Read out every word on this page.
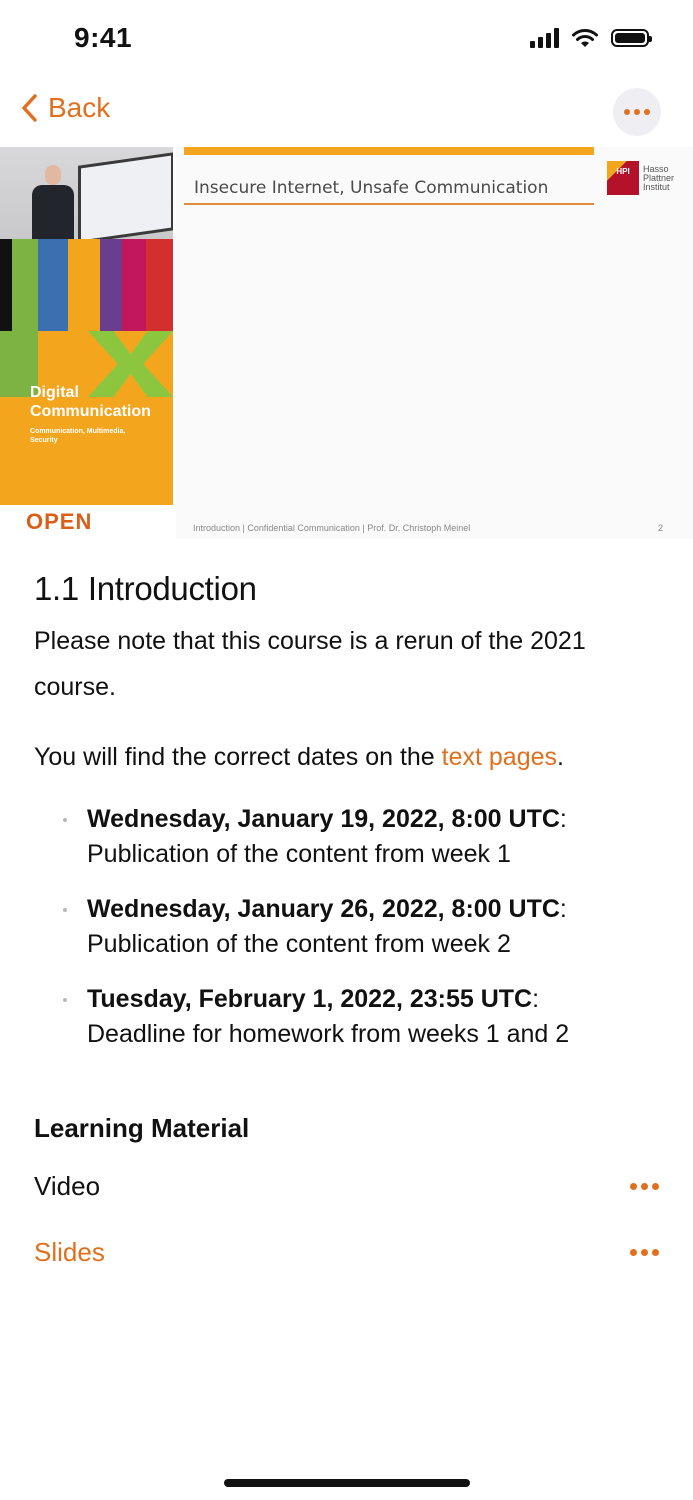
9:41
Back
Digital
Communication
Communication, Multimedia, Security
OPEN
Insecure Internet, Unsafe Communication
HPI	Hasso Plattner Institut
Introduction | Confidential Communication | Prof. Dr. Christoph Meinel	2
1.1 Introduction

Please note that this course is a rerun of the 2021 course.

You will find the correct dates on the text pages.

Wednesday, January 19, 2022, 8:00 UTC:
Publication of the content from week 1
Wednesday, January 26, 2022, 8:00 UTC:
Publication of the content from week 2
Tuesday, February 1, 2022, 23:55 UTC:
Deadline for homework from weeks 1 and 2
Learning Material
Video
Slides
